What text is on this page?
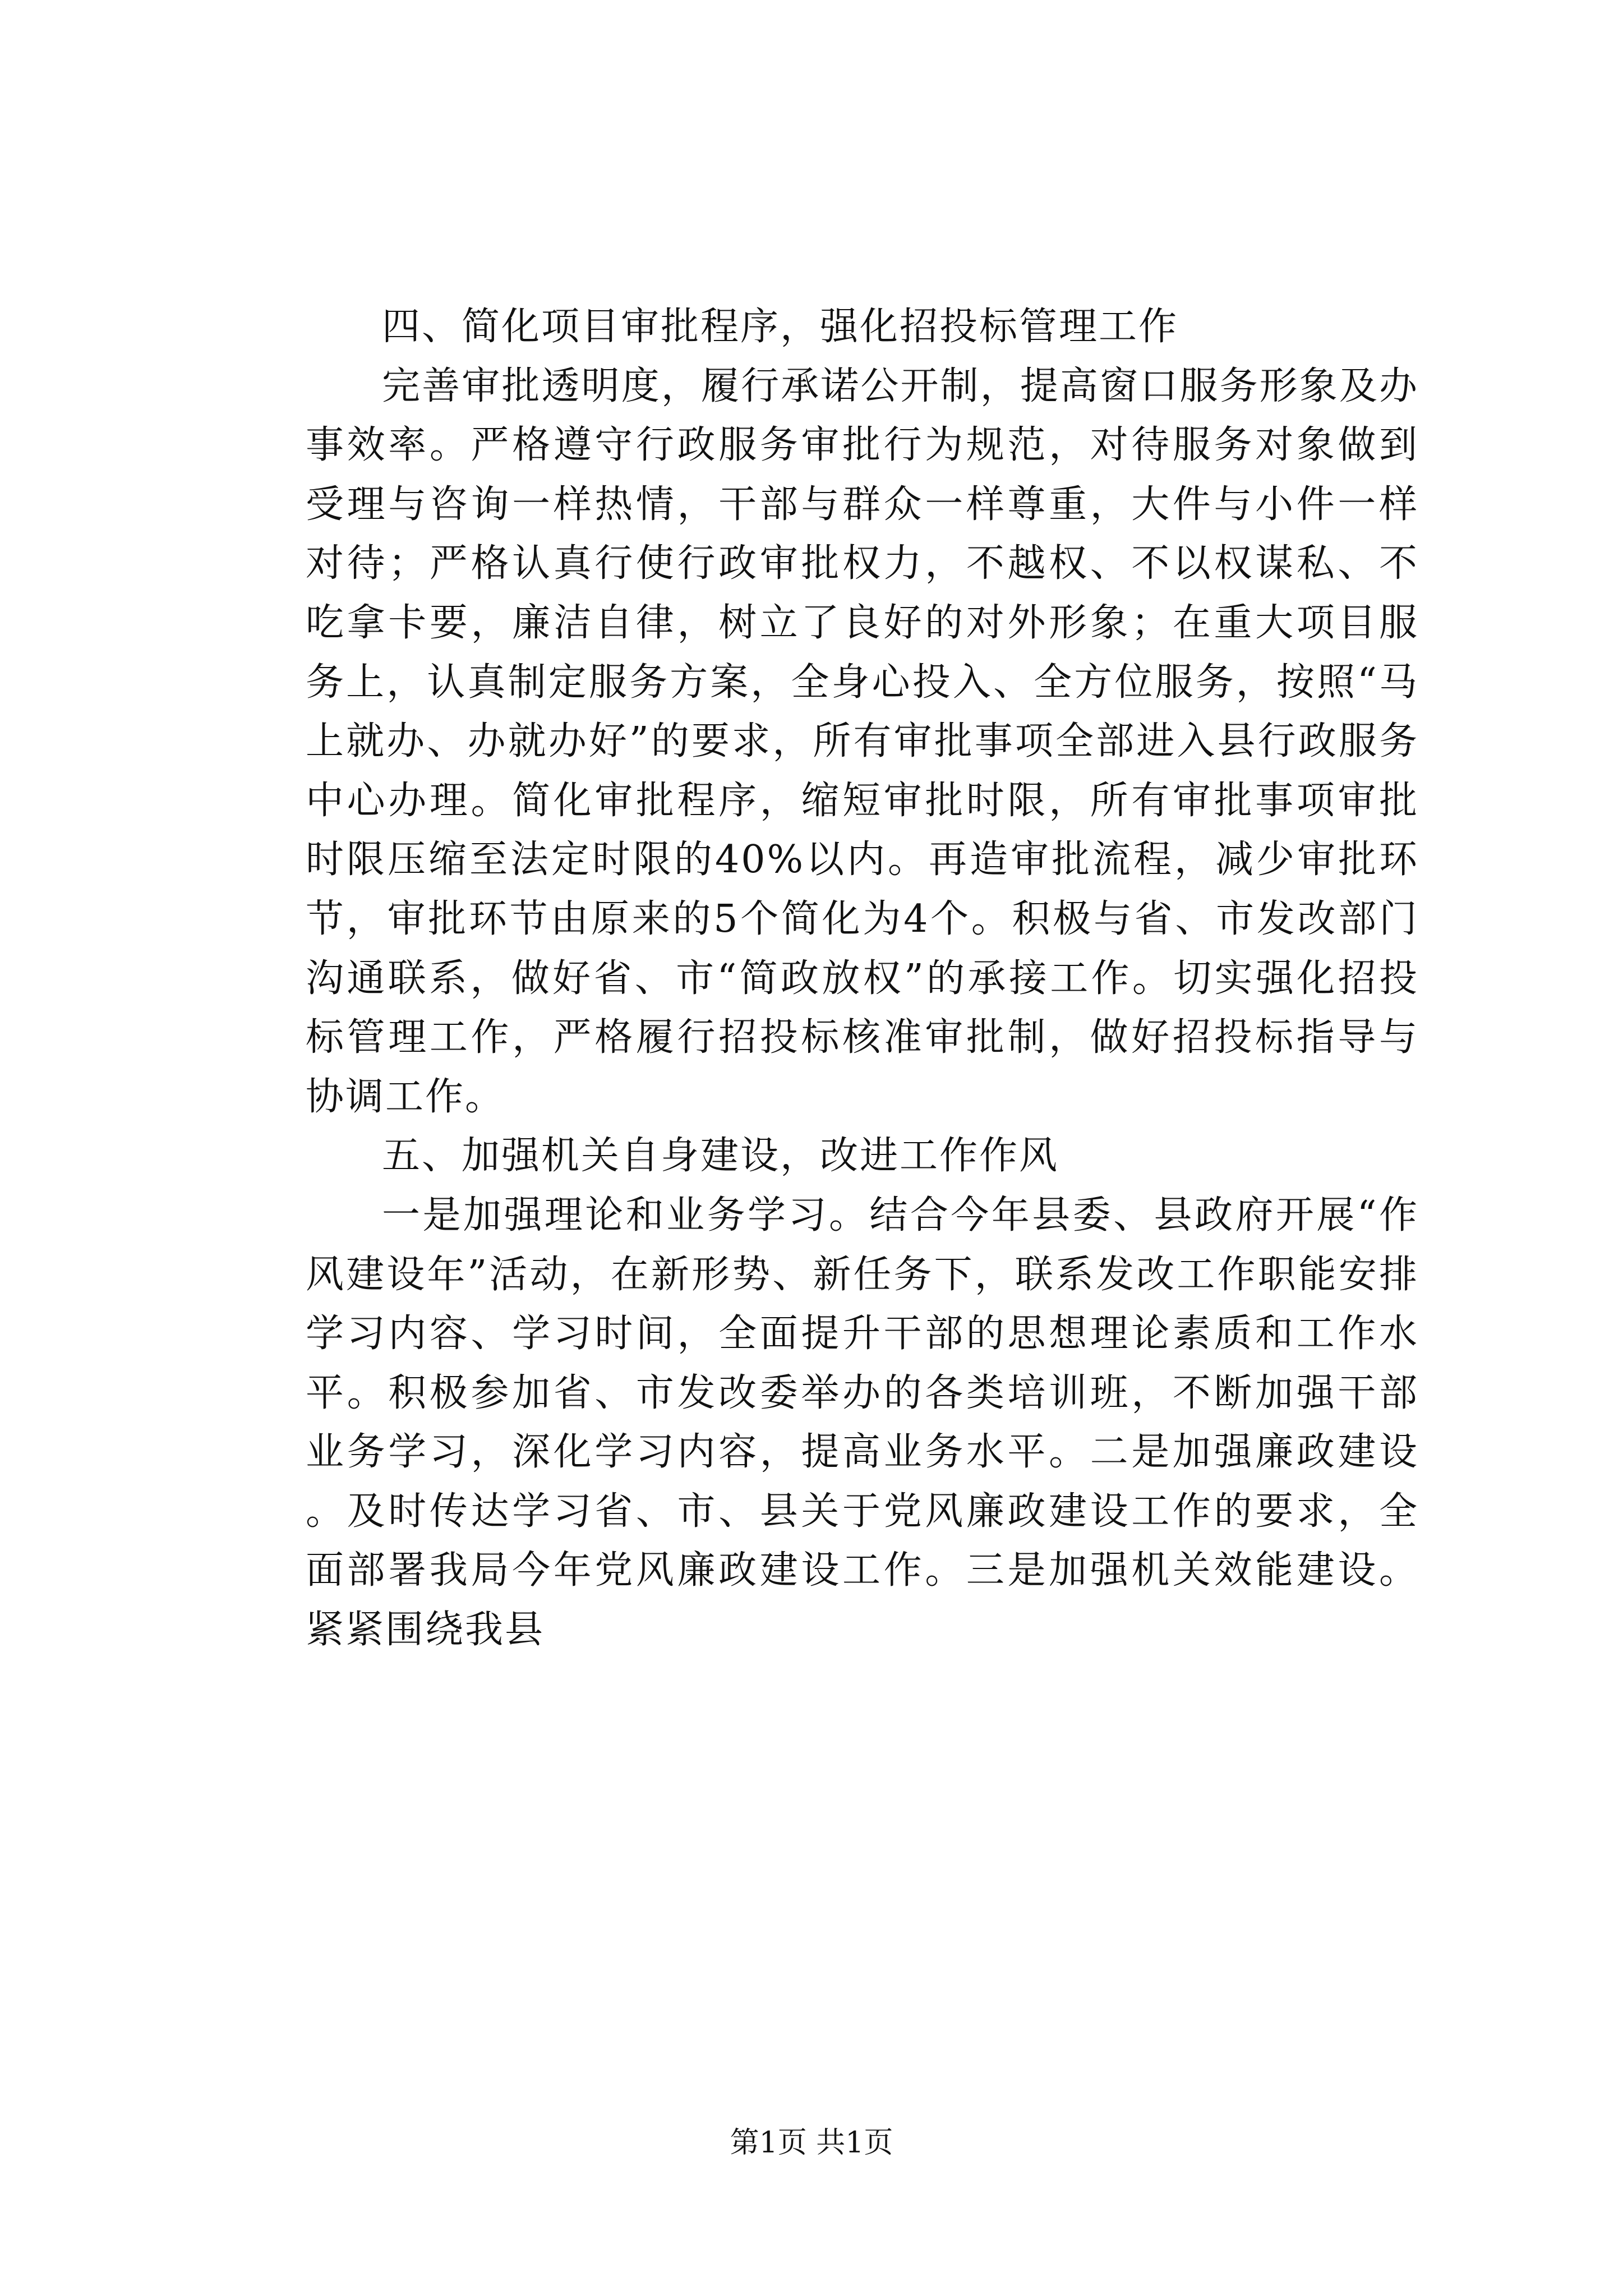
四、简化项目审批程序，强化招投标管理工作

完善审批透明度，履行承诺公开制，提高窗口服务形象及办事效率。严格遵守行政服务审批行为规范，对待服务对象做到受理与咨询一样热情，干部与群众一样尊重，大件与小件一样对待；严格认真行使行政审批权力，不越权、不以权谋私、不吃拿卡要，廉洁自律，树立了良好的对外形象；在重大项目服务上，认真制定服务方案，全身心投入、全方位服务，按照“马上就办、办就办好”的要求，所有审批事项全部进入县行政服务中心办理。简化审批程序，缩短审批时限，所有审批事项审批时限压缩至法定时限的40%以内。再造审批流程，减少审批环节，审批环节由原来的5个简化为4个。积极与省、市发改部门沟通联系，做好省、市“简政放权”的承接工作。切实强化招投标管理工作，严格履行招投标核准审批制，做好招投标指导与协调工作。

五、加强机关自身建设，改进工作作风

一是加强理论和业务学习。结合今年县委、县政府开展“作风建设年”活动，在新形势、新任务下，联系发改工作职能安排学习内容、学习时间，全面提升干部的思想理论素质和工作水平。积极参加省、市发改委举办的各类培训班，不断加强干部业务学习，深化学习内容，提高业务水平。二是加强廉政建设。及时传达学习省、市、县关于党风廉政建设工作的要求，全面部署我局今年党风廉政建设工作。三是加强机关效能建设。紧紧围绕我县

第1页 共1页
